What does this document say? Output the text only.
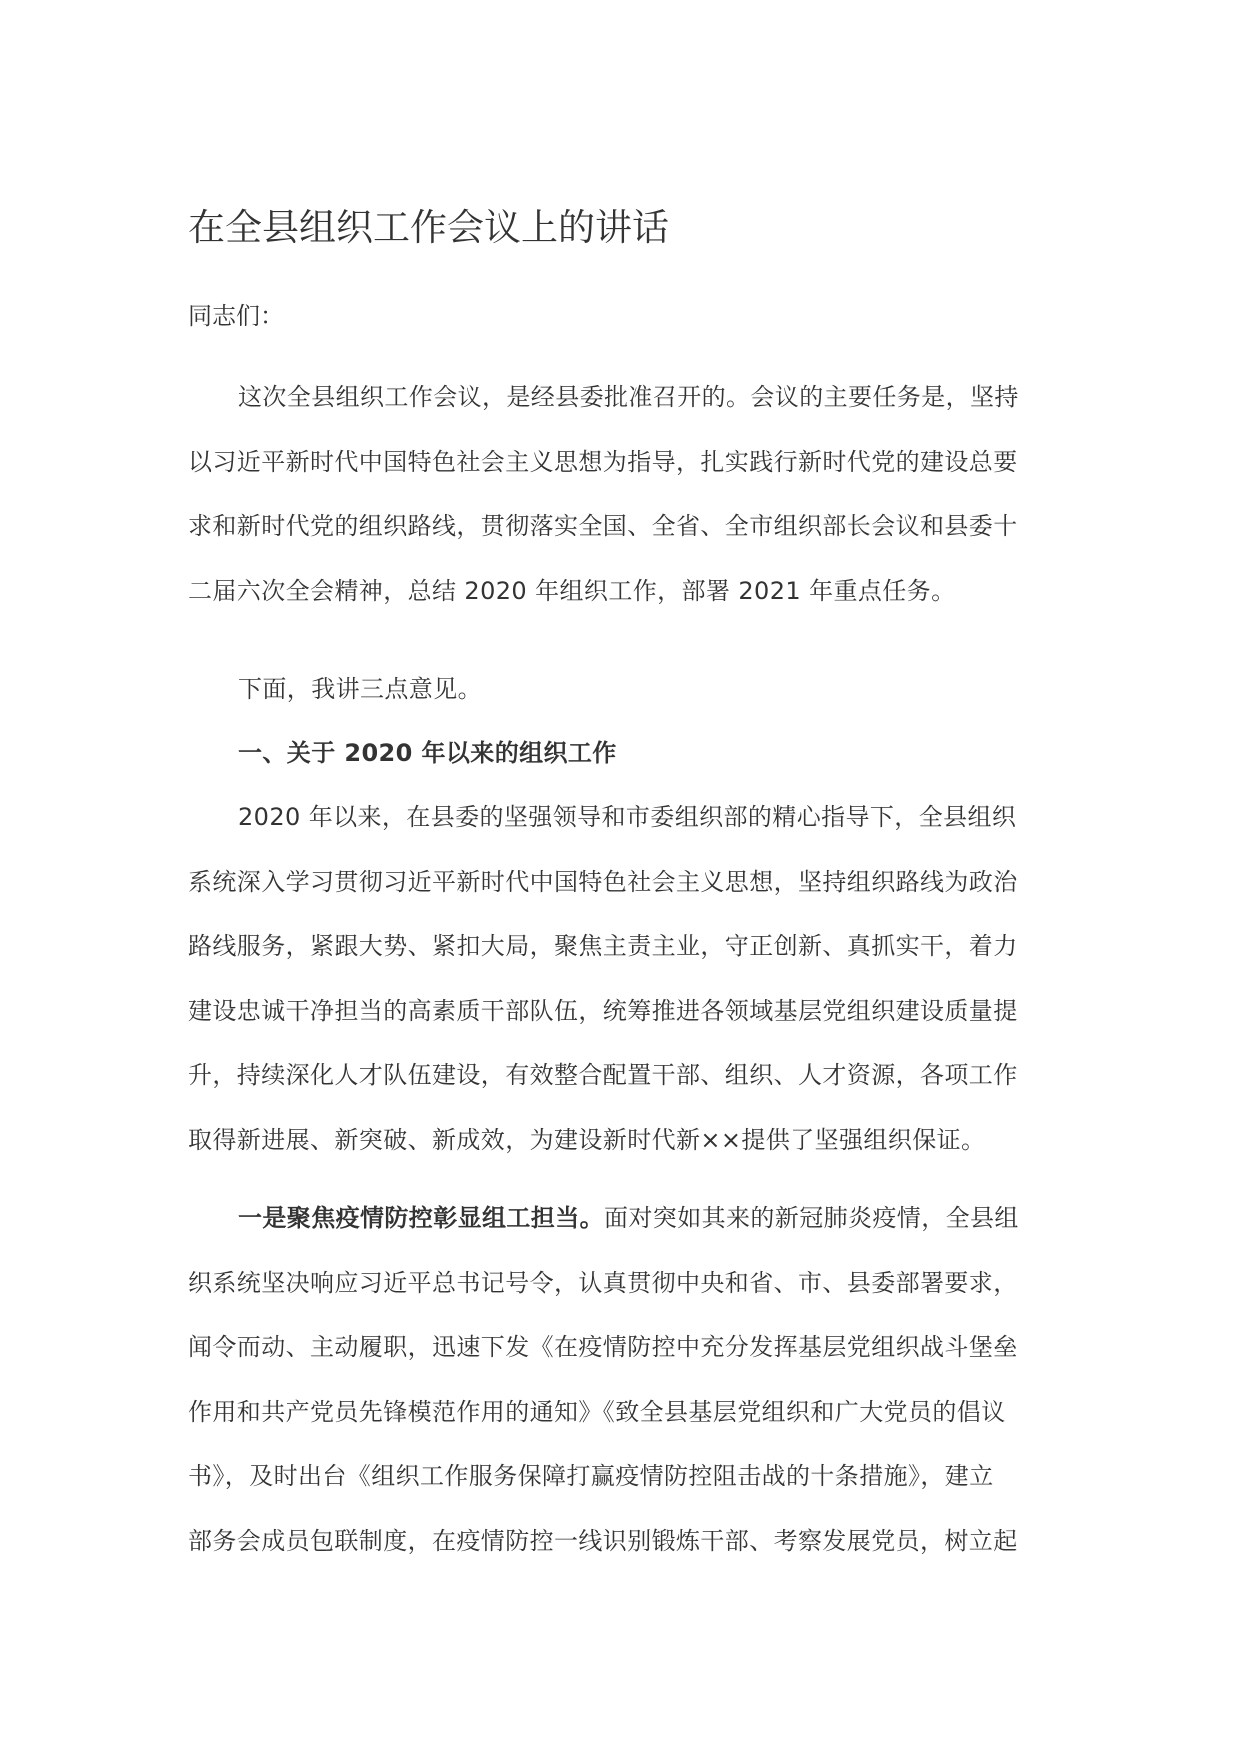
在全县组织工作会议上的讲话

同志们：

这次全县组织工作会议，是经县委批准召开的。会议的主要任务是，坚持
以习近平新时代中国特色社会主义思想为指导，扎实践行新时代党的建设总要
求和新时代党的组织路线，贯彻落实全国、全省、全市组织部长会议和县委十
二届六次全会精神，总结 2020 年组织工作，部署 2021 年重点任务。
下面，我讲三点意见。
一、关于 2020 年以来的组织工作
2020 年以来，在县委的坚强领导和市委组织部的精心指导下，全县组织
系统深入学习贯彻习近平新时代中国特色社会主义思想，坚持组织路线为政治
路线服务，紧跟大势、紧扣大局，聚焦主责主业，守正创新、真抓实干，着力
建设忠诚干净担当的高素质干部队伍，统筹推进各领域基层党组织建设质量提
升，持续深化人才队伍建设，有效整合配置干部、组织、人才资源，各项工作
取得新进展、新突破、新成效，为建设新时代新××提供了坚强组织保证。
一是聚焦疫情防控彰显组工担当。面对突如其来的新冠肺炎疫情，全县组
织系统坚决响应习近平总书记号令，认真贯彻中央和省、市、县委部署要求，
闻令而动、主动履职，迅速下发《在疫情防控中充分发挥基层党组织战斗堡垒
作用和共产党员先锋模范作用的通知》《致全县基层党组织和广大党员的倡议
书》，及时出台《组织工作服务保障打赢疫情防控阻击战的十条措施》，建立
部务会成员包联制度，在疫情防控一线识别锻炼干部、考察发展党员，树立起
